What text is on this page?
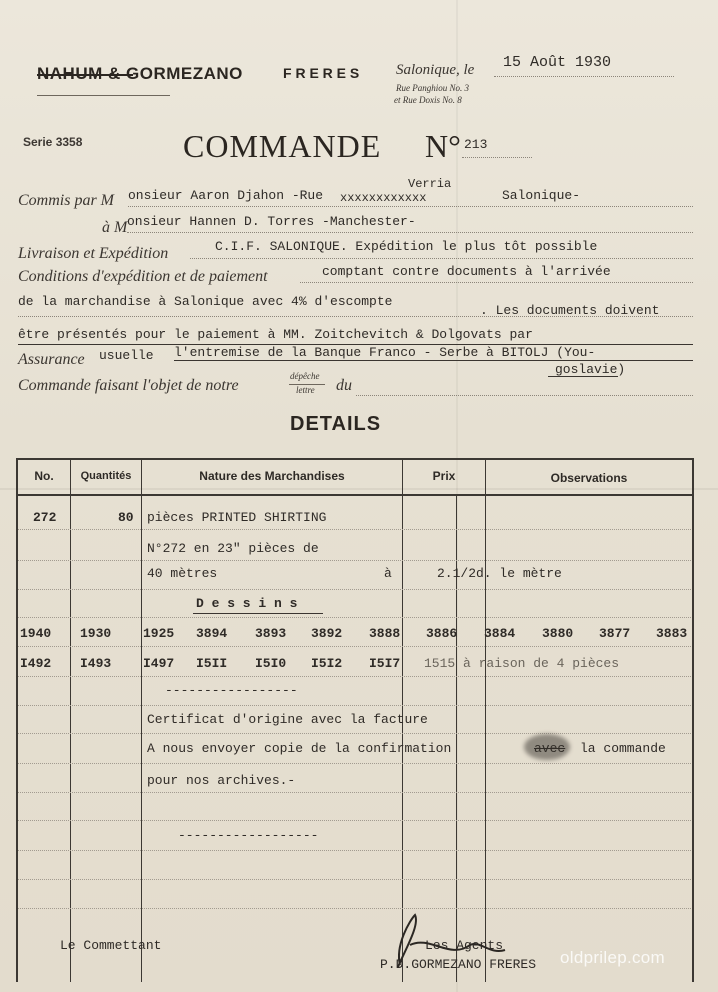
NAHUM & GORMEZANO	F R E R E S Salonique, le 15 Août 1930
Rue Panghiou No. 3
et Rue Doxis No. 8
Serie 3358	COMMANDE N° 213
Commis par M onsieur Aaron Djahon -Rue
Verria
xxxxxxxxxxxx	Salonique-
à M onsieur Hannen D. Torres -Manchester-
Livraison et Expédition	C.I.F. SALONIQUE. Expédition le plus tôt possible
Conditions d'expédition et de paiement	comptant contre documents à l'arrivée
de la marchandise à Salonique avec 4% d'escompte
. Les documents doivent
être présentés pour le paiement à MM. Zoitchevitch & Dolgovats par
Assurance usuelle l'entremise de la Banque Franco - Serbe à BITOLJ (You-
goslavie)
Commande faisant l'objet de notre
dépêche
lettre du
DETAILS
No.	Quantités	Nature des Marchandises	Prix	Observations
272	80 pièces PRINTED SHIRTING
N°272 en 23" pièces de
40 mètres	à	2.1/2d. le mètre
D e s s i n s
1940 1930 1925 3894 3893 3892 3888 3886 3884 3880 3877 3883
I492 I493 I497 I5II I5I0 I5I2 I5I7 1515 à raison de 4 pièces
-----------------
Certificat d'origine avec la facture
A nous envoyer copie de la confirmation	avec la commande
pour nos archives.-
------------------
Le Commettant	Les Agents
P.D.GORMEZANO FRERES oldprilep.com
